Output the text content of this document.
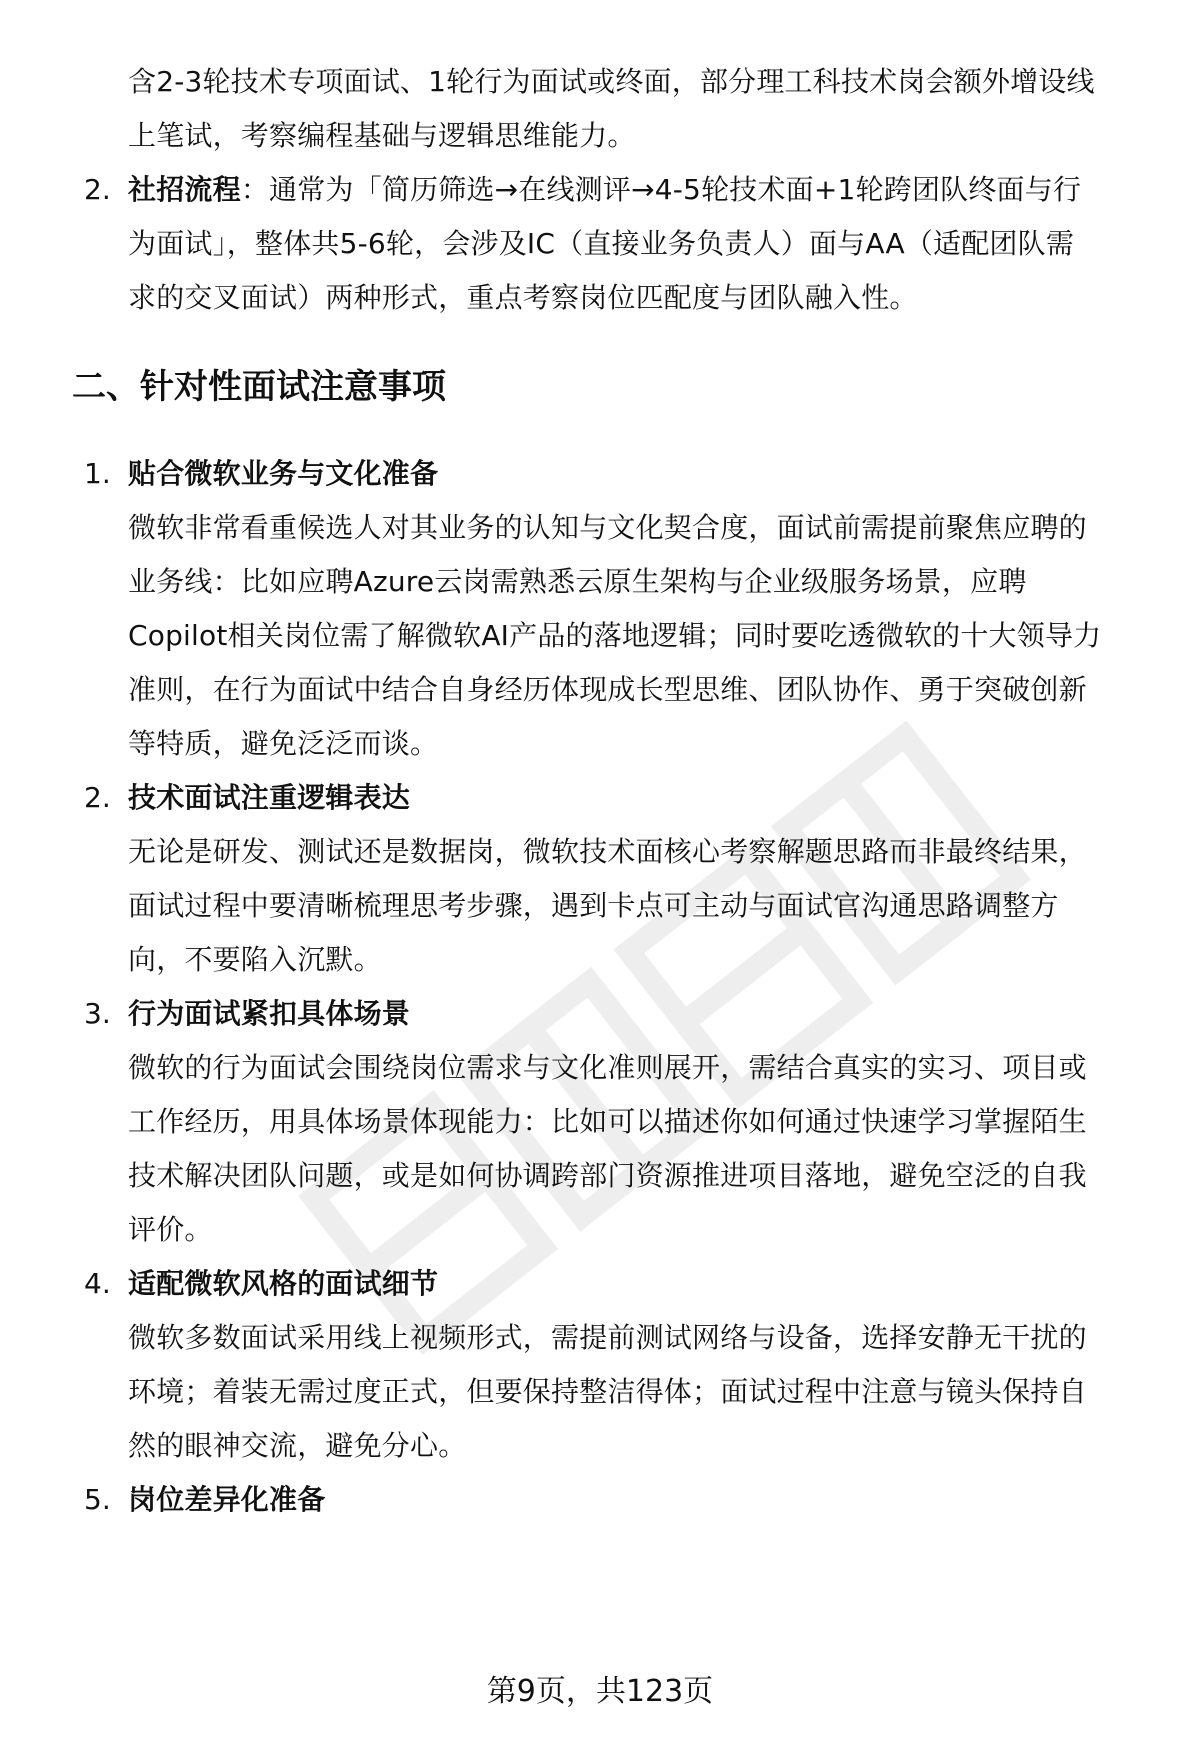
含2-3轮技术专项面试、1轮行为面试或终面，部分理工科技术岗会额外增设线
上笔试，考察编程基础与逻辑思维能力。
2. 社招流程：通常为「简历筛选→在线测评→4-5轮技术面+1轮跨团队终面与行
为面试」，整体共5-6轮，会涉及IC（直接业务负责人）面与AA（适配团队需
求的交叉面试）两种形式，重点考察岗位匹配度与团队融入性。
二、针对性面试注意事项
1. 贴合微软业务与文化准备
微软非常看重候选人对其业务的认知与文化契合度，面试前需提前聚焦应聘的
业务线：比如应聘Azure云岗需熟悉云原生架构与企业级服务场景，应聘
Copilot相关岗位需了解微软AI产品的落地逻辑；同时要吃透微软的十大领导力
准则，在行为面试中结合自身经历体现成长型思维、团队协作、勇于突破创新
等特质，避免泛泛而谈。
2. 技术面试注重逻辑表达
无论是研发、测试还是数据岗，微软技术面核心考察解题思路而非最终结果，
面试过程中要清晰梳理思考步骤，遇到卡点可主动与面试官沟通思路调整方
向，不要陷入沉默。
3. 行为面试紧扣具体场景
微软的行为面试会围绕岗位需求与文化准则展开，需结合真实的实习、项目或
工作经历，用具体场景体现能力：比如可以描述你如何通过快速学习掌握陌生
技术解决团队问题，或是如何协调跨部门资源推进项目落地，避免空泛的自我
评价。
4. 适配微软风格的面试细节
微软多数面试采用线上视频形式，需提前测试网络与设备，选择安静无干扰的
环境；着装无需过度正式，但要保持整洁得体；面试过程中注意与镜头保持自
然的眼神交流，避免分心。
5. 岗位差异化准备
第9页，共123页
